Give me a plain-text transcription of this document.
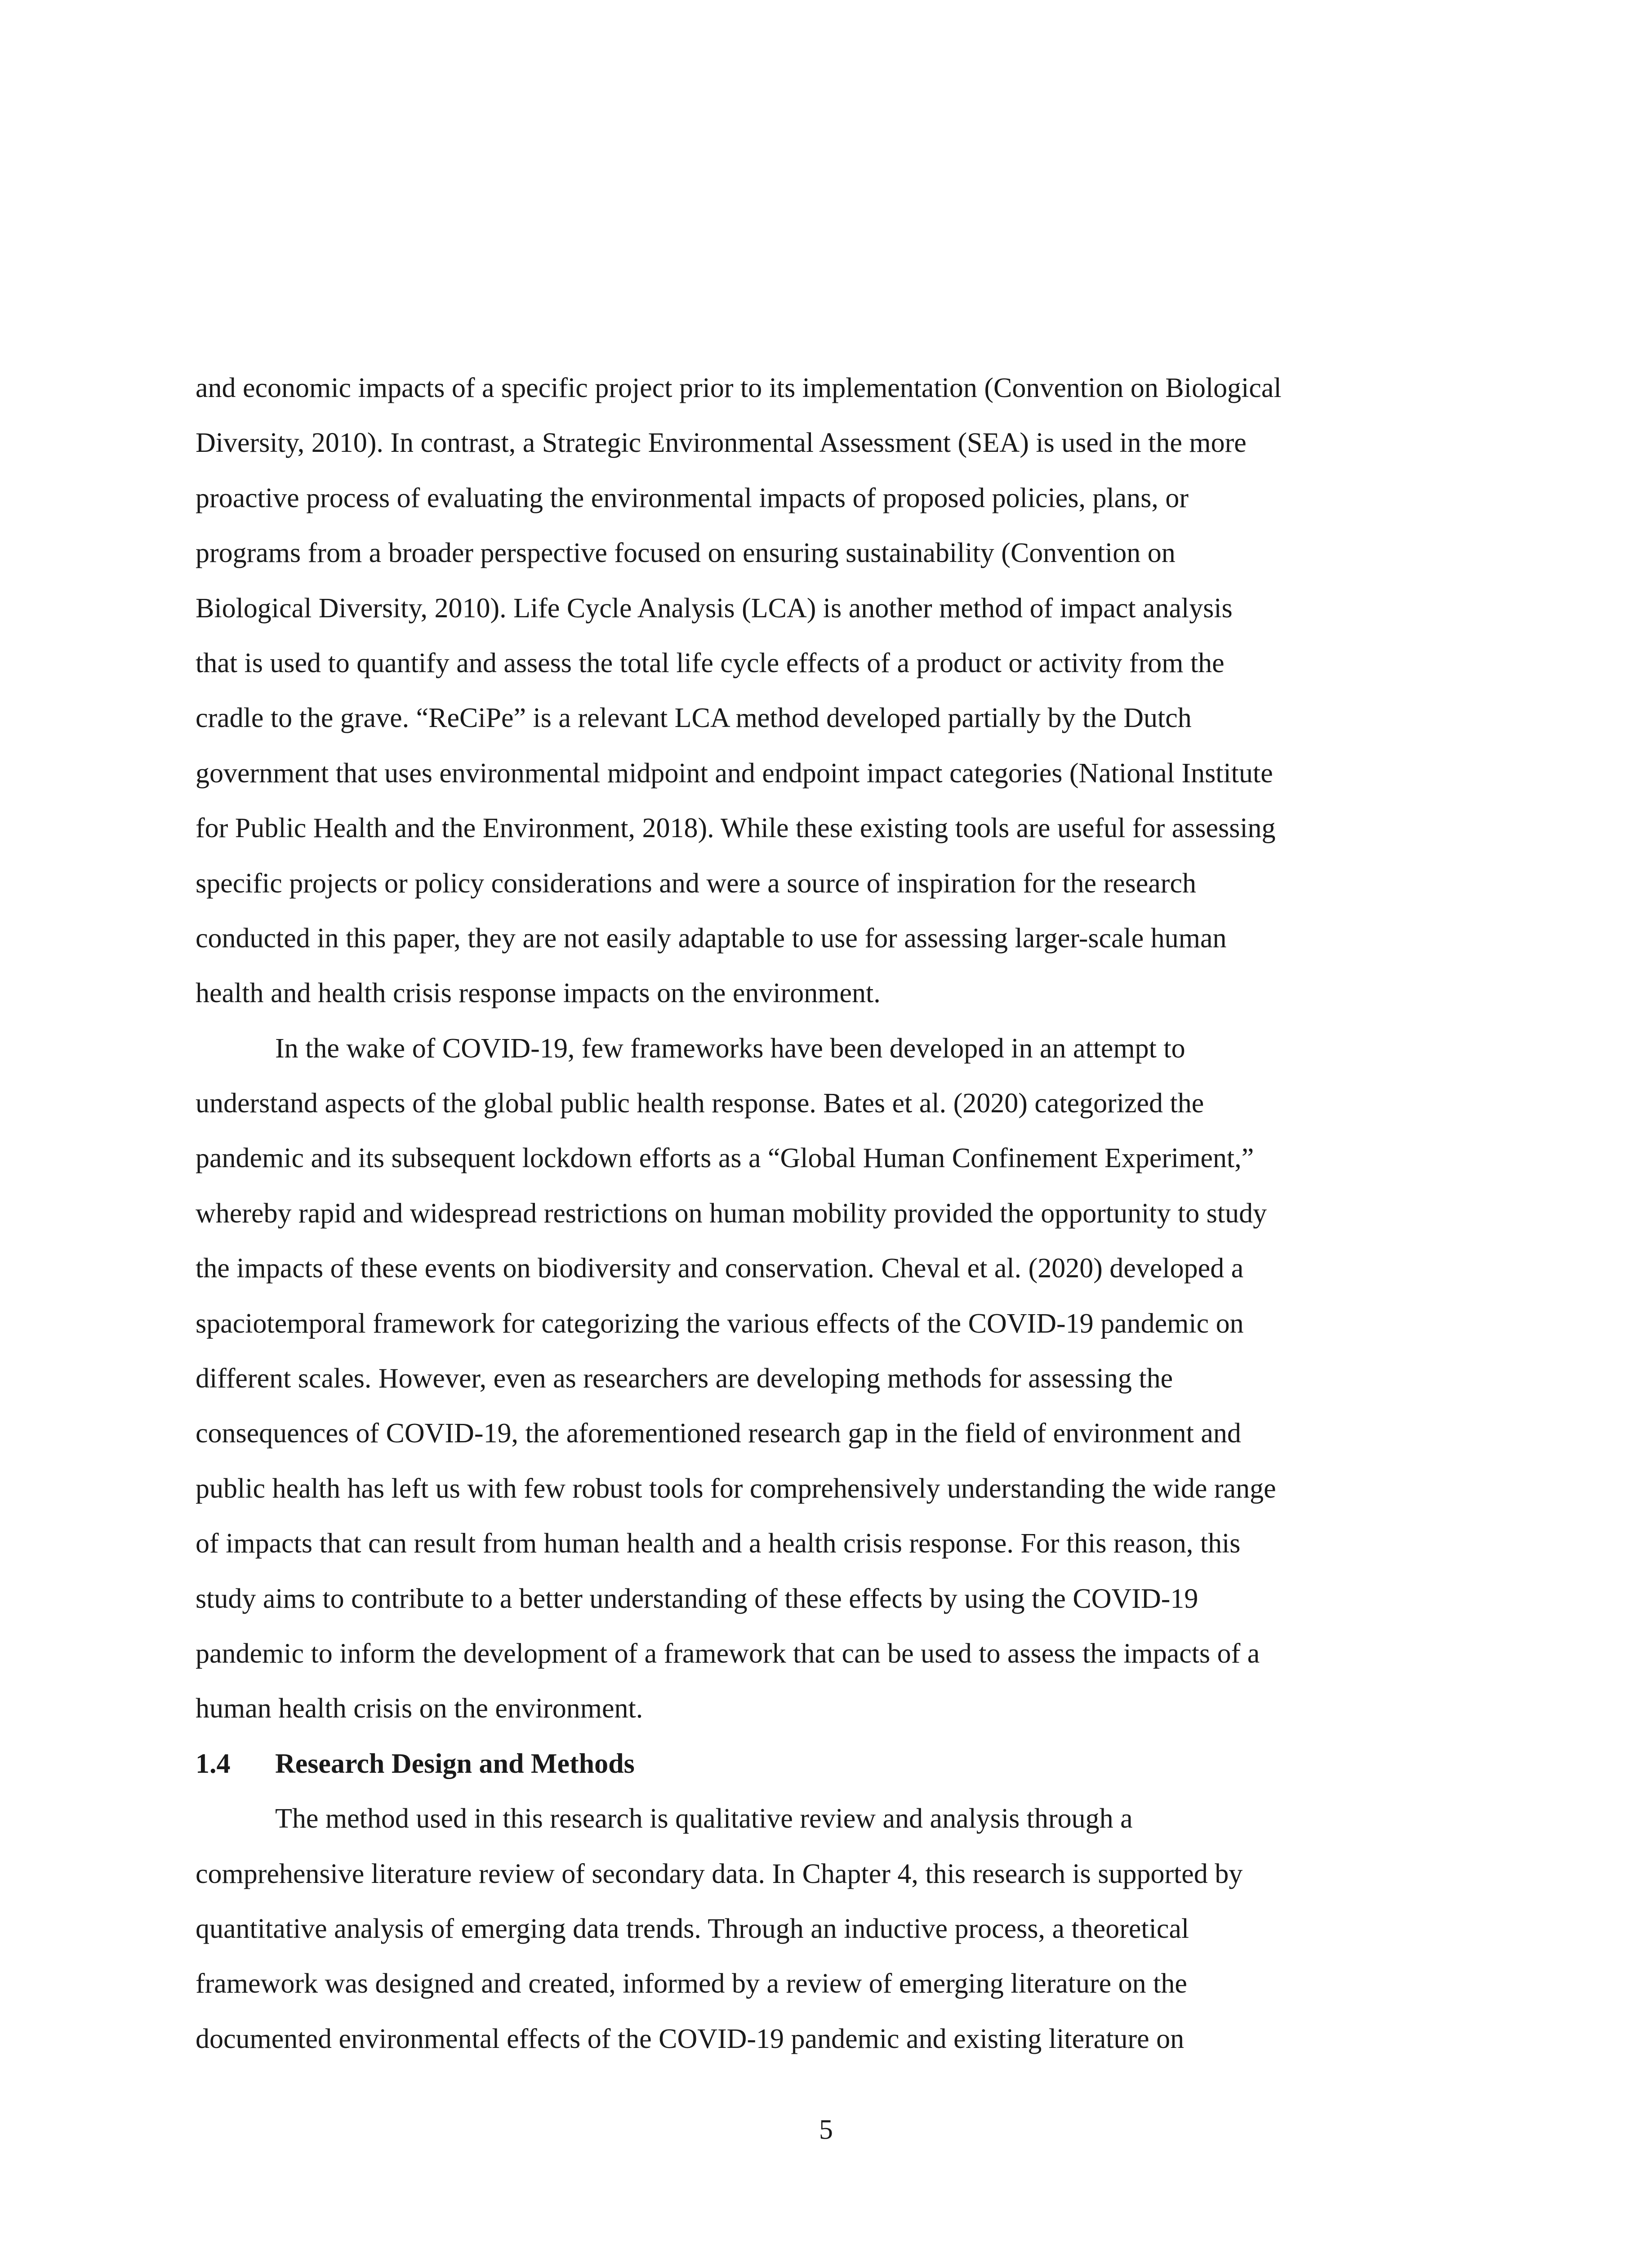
and economic impacts of a specific project prior to its implementation (Convention on Biological
Diversity, 2010). In contrast, a Strategic Environmental Assessment (SEA) is used in the more
proactive process of evaluating the environmental impacts of proposed policies, plans, or
programs from a broader perspective focused on ensuring sustainability (Convention on
Biological Diversity, 2010). Life Cycle Analysis (LCA) is another method of impact analysis
that is used to quantify and assess the total life cycle effects of a product or activity from the
cradle to the grave. “ReCiPe” is a relevant LCA method developed partially by the Dutch
government that uses environmental midpoint and endpoint impact categories (National Institute
for Public Health and the Environment, 2018). While these existing tools are useful for assessing
specific projects or policy considerations and were a source of inspiration for the research
conducted in this paper, they are not easily adaptable to use for assessing larger-scale human
health and health crisis response impacts on the environment.
In the wake of COVID-19, few frameworks have been developed in an attempt to
understand aspects of the global public health response. Bates et al. (2020) categorized the
pandemic and its subsequent lockdown efforts as a “Global Human Confinement Experiment,”
whereby rapid and widespread restrictions on human mobility provided the opportunity to study
the impacts of these events on biodiversity and conservation. Cheval et al. (2020) developed a
spaciotemporal framework for categorizing the various effects of the COVID-19 pandemic on
different scales. However, even as researchers are developing methods for assessing the
consequences of COVID-19, the aforementioned research gap in the field of environment and
public health has left us with few robust tools for comprehensively understanding the wide range
of impacts that can result from human health and a health crisis response. For this reason, this
study aims to contribute to a better understanding of these effects by using the COVID-19
pandemic to inform the development of a framework that can be used to assess the impacts of a
human health crisis on the environment.
1.4 Research Design and Methods
The method used in this research is qualitative review and analysis through a
comprehensive literature review of secondary data. In Chapter 4, this research is supported by
quantitative analysis of emerging data trends. Through an inductive process, a theoretical
framework was designed and created, informed by a review of emerging literature on the
documented environmental effects of the COVID-19 pandemic and existing literature on
5
